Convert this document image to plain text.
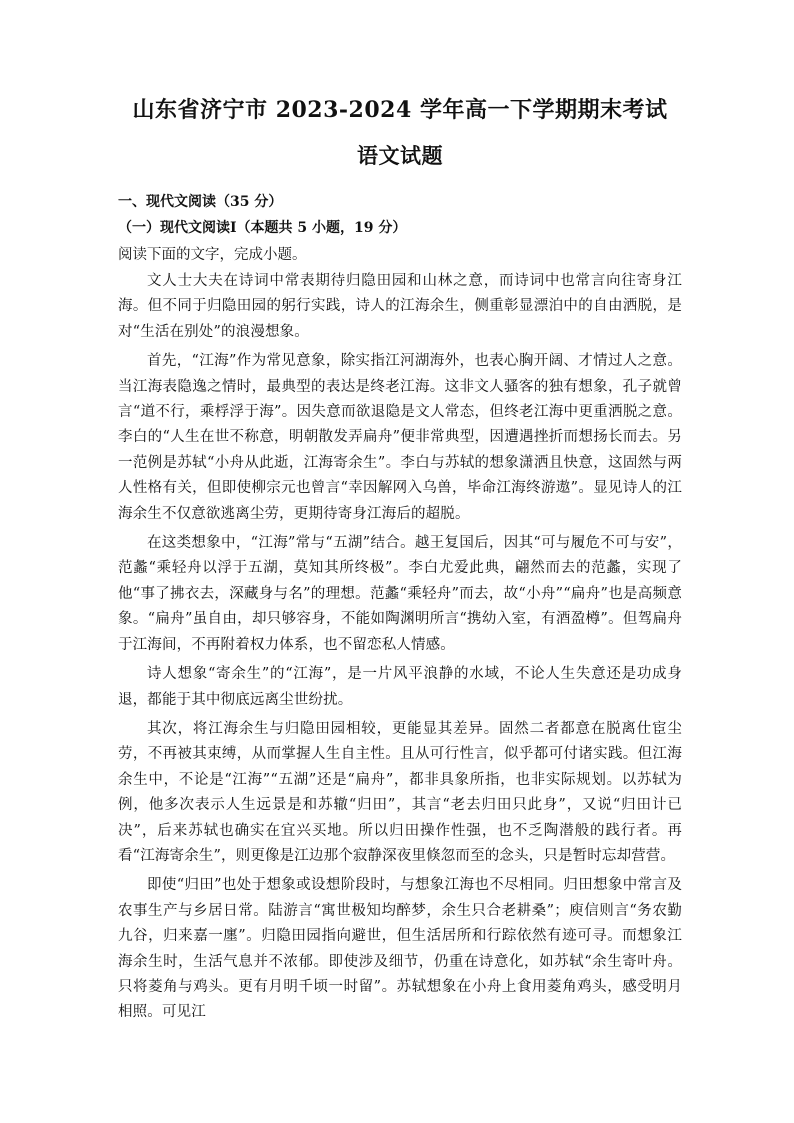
山东省济宁市 2023-2024 学年高一下学期期末考试
语文试题

一、现代文阅读（35 分）

（一）现代文阅读Ⅰ（本题共 5 小题，19 分）

阅读下面的文字，完成小题。

文人士大夫在诗词中常表期待归隐田园和山林之意，而诗词中也常言向往寄身江海。但不同于归隐田园的躬行实践，诗人的江海余生，侧重彰显漂泊中的自由洒脱，是对“生活在别处”的浪漫想象。

首先，“江海”作为常见意象，除实指江河湖海外，也表心胸开阔、才情过人之意。当江海表隐逸之情时，最典型的表达是终老江海。这非文人骚客的独有想象，孔子就曾言“道不行，乘桴浮于海”。因失意而欲退隐是文人常态，但终老江海中更重洒脱之意。李白的“人生在世不称意，明朝散发弄扁舟”便非常典型，因遭遇挫折而想扬长而去。另一范例是苏轼“小舟从此逝，江海寄余生”。李白与苏轼的想象潇洒且快意，这固然与两人性格有关，但即使柳宗元也曾言“幸因解网入乌兽，毕命江海终游遨”。显见诗人的江海余生不仅意欲逃离尘劳，更期待寄身江海后的超脱。

在这类想象中，“江海”常与“五湖”结合。越王复国后，因其“可与履危不可与安”，范蠡“乘轻舟以浮于五湖，莫知其所终极”。李白尤爱此典，翩然而去的范蠡，实现了他“事了拂衣去，深藏身与名”的理想。范蠡“乘轻舟”而去，故“小舟”“扁舟”也是高频意象。“扁舟”虽自由，却只够容身，不能如陶渊明所言“携幼入室，有酒盈樽”。但驾扁舟于江海间，不再附着权力体系，也不留恋私人情感。

诗人想象“寄余生”的“江海”，是一片风平浪静的水域，不论人生失意还是功成身退，都能于其中彻底远离尘世纷扰。

其次，将江海余生与归隐田园相较，更能显其差异。固然二者都意在脱离仕宦尘劳，不再被其束缚，从而掌握人生自主性。且从可行性言，似乎都可付诸实践。但江海余生中，不论是“江海”“五湖”还是“扁舟”，都非具象所指，也非实际规划。以苏轼为例，他多次表示人生远景是和苏辙“归田”，其言“老去归田只此身”，又说“归田计已决”，后来苏轼也确实在宜兴买地。所以归田操作性强，也不乏陶潜般的践行者。再看“江海寄余生”，则更像是江边那个寂静深夜里倏忽而至的念头，只是暂时忘却营营。

即使“归田”也处于想象或设想阶段时，与想象江海也不尽相同。归田想象中常言及农事生产与乡居日常。陆游言“寓世极知均醉梦，余生只合老耕桑”；庾信则言“务农勤九谷，归来嘉一廛”。归隐田园指向避世，但生活居所和行踪依然有迹可寻。而想象江海余生时，生活气息并不浓郁。即使涉及细节，仍重在诗意化，如苏轼“余生寄叶舟。只将菱角与鸡头。更有月明千顷一时留”。苏轼想象在小舟上食用菱角鸡头，感受明月相照。可见江
